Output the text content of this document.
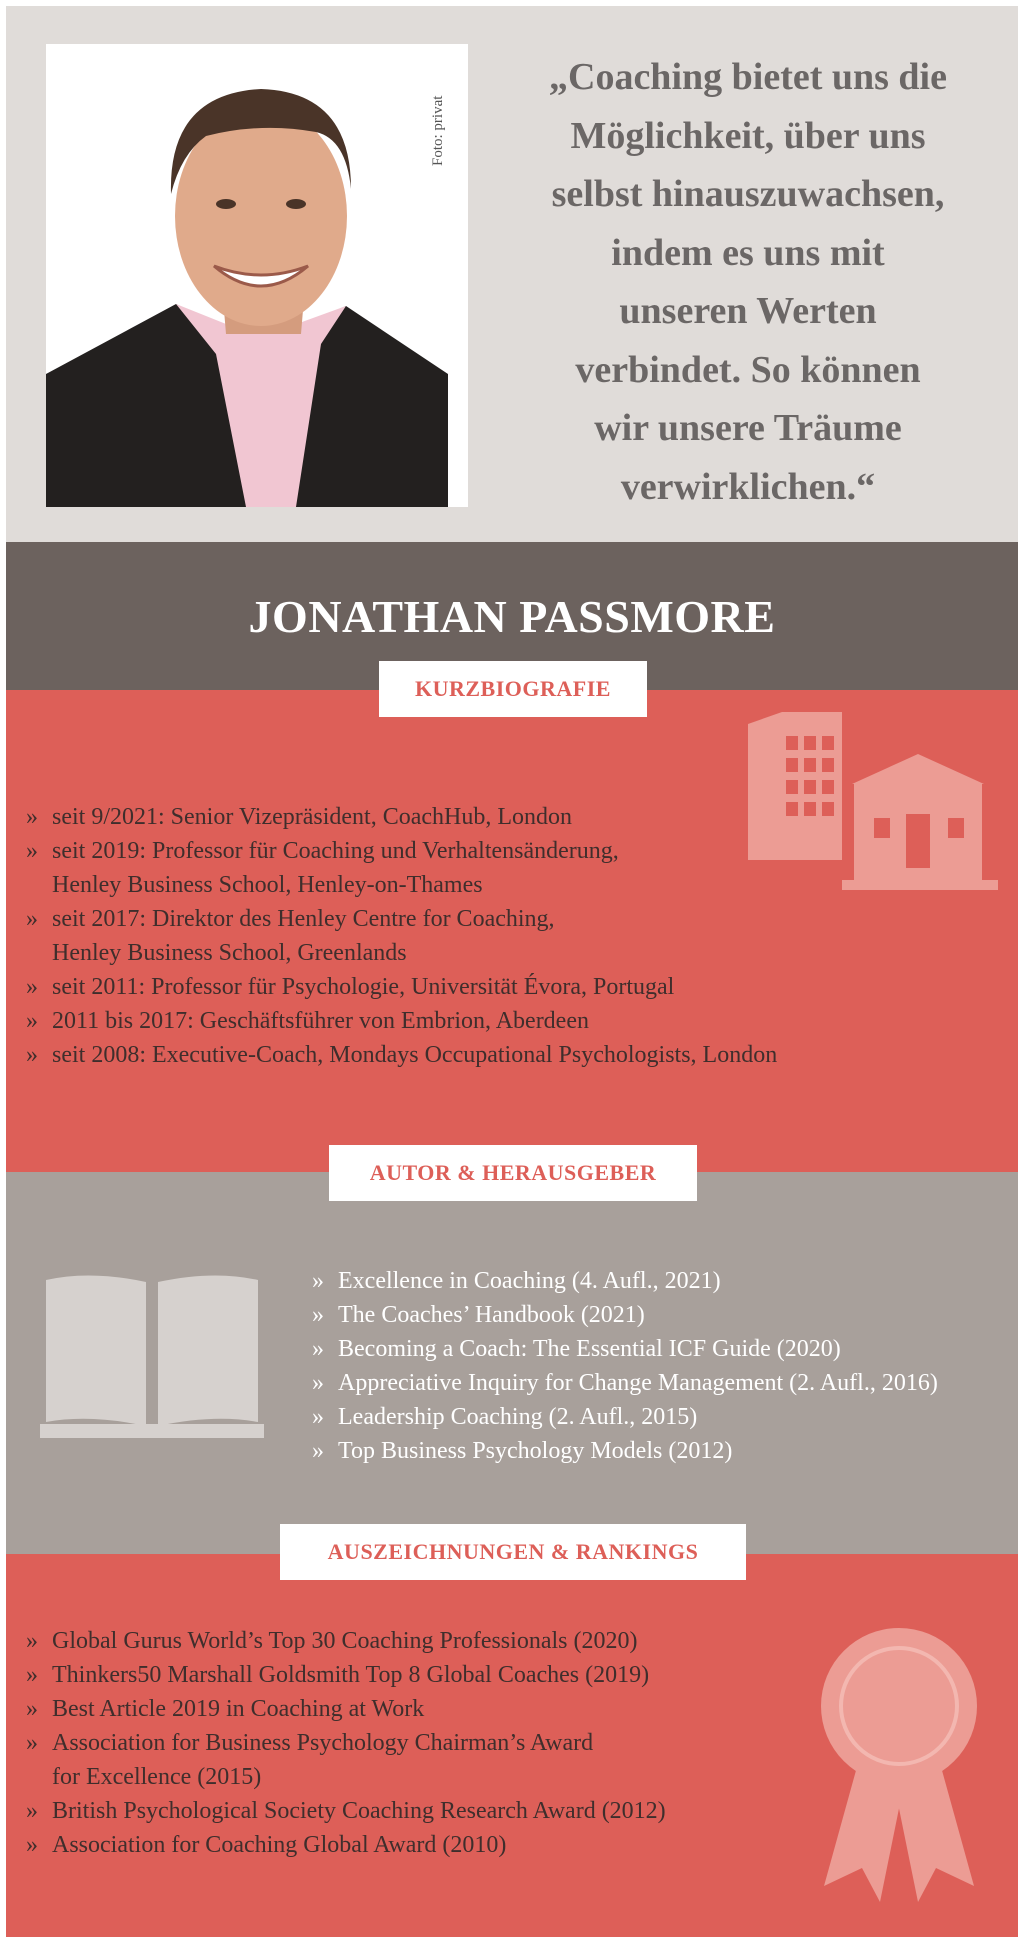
Foto: privat
„Coaching bietet uns die
Möglichkeit, über uns
selbst hinauszuwachsen,
indem es uns mit
unseren Werten
verbindet. So können
wir unsere Träume
verwirklichen.“
JONATHAN PASSMORE
» seit 9/2021: Senior Vizepräsident, CoachHub, London
» seit 2019: Professor für Coaching und Verhaltensänderung,
Henley Business School, Henley-on-Thames
» seit 2017: Direktor des Henley Centre for Coaching,
Henley Business School, Greenlands
» seit 2011: Professor für Psychologie, Universität Évora, Portugal
» 2011 bis 2017: Geschäftsführer von Embrion, Aberdeen
» seit 2008: Executive-Coach, Mondays Occupational Psychologists, London
» Excellence in Coaching (4. Aufl., 2021)
» The Coaches’ Handbook (2021)
» Becoming a Coach: The Essential ICF Guide (2020)
» Appreciative Inquiry for Change Management (2. Aufl., 2016)
» Leadership Coaching (2. Aufl., 2015)
» Top Business Psychology Models (2012)
» Global Gurus World’s Top 30 Coaching Professionals (2020)
» Thinkers50 Marshall Goldsmith Top 8 Global Coaches (2019)
» Best Article 2019 in Coaching at Work
» Association for Business Psychology Chairman’s Award
for Excellence (2015)
» British Psychological Society Coaching Research Award (2012)
» Association for Coaching Global Award (2010)
KURZBIOGRAFIE
AUTOR & HERAUSGEBER
AUSZEICHNUNGEN & RANKINGS
